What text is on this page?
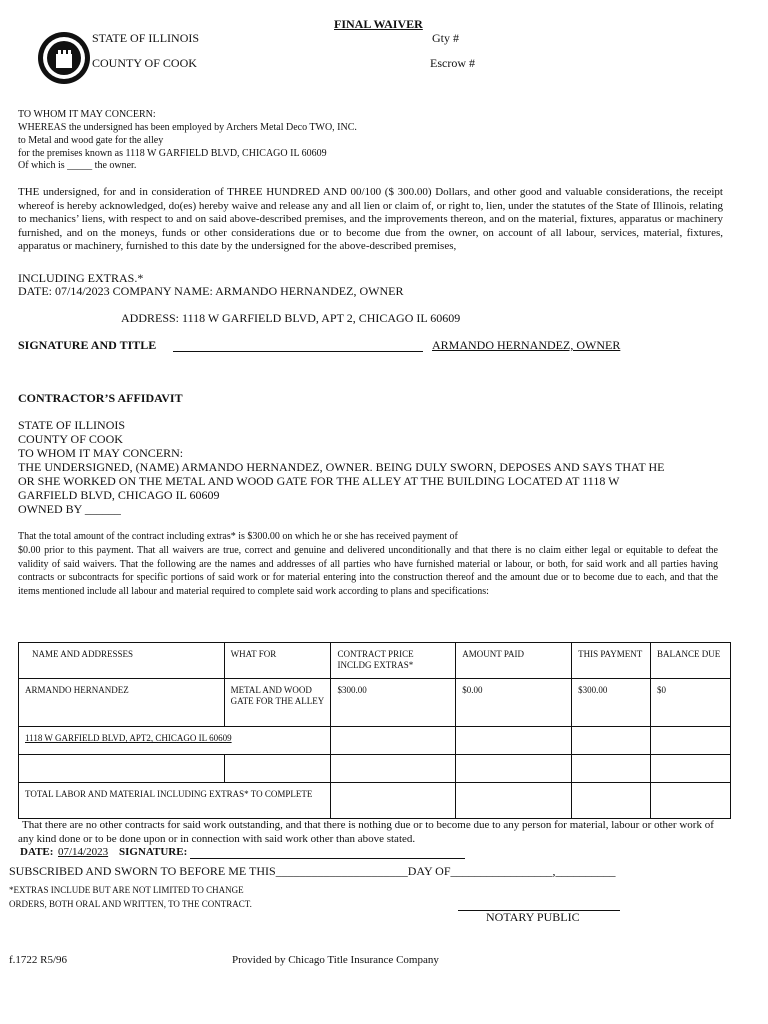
FINAL WAIVER
STATE OF ILLINOIS
COUNTY OF COOK
Gty #
Escrow #
TO WHOM IT MAY CONCERN:
WHEREAS the undersigned has been employed by Archers Metal Deco TWO, INC.
to Metal and wood gate for the alley
for the premises known as 1118 W GARFIELD BLVD, CHICAGO IL 60609
Of which is _____ the owner.
THE undersigned, for and in consideration of THREE HUNDRED AND 00/100 ($ 300.00) Dollars, and other good and valuable considerations, the receipt whereof is hereby acknowledged, do(es) hereby waive and release any and all lien or claim of, or right to, lien, under the statutes of the State of Illinois, relating to mechanics’ liens, with respect to and on said above-described premises, and the improvements thereon, and on the material, fixtures, apparatus or machinery furnished, and on the moneys, funds or other considerations due or to become due from the owner, on account of all labour, services, material, fixtures, apparatus or machinery, furnished to this date by the undersigned for the above-described premises,
INCLUDING EXTRAS.*
DATE: 07/14/2023 COMPANY NAME: ARMANDO HERNANDEZ, OWNER
ADDRESS: 1118 W GARFIELD BLVD, APT 2, CHICAGO IL 60609
SIGNATURE AND TITLE	ARMANDO HERNANDEZ, OWNER
CONTRACTOR’S AFFIDAVIT
STATE OF ILLINOIS
COUNTY OF COOK
TO WHOM IT MAY CONCERN:
THE UNDERSIGNED, (NAME) ARMANDO HERNANDEZ, OWNER. BEING DULY SWORN, DEPOSES AND SAYS THAT HE
OR SHE WORKED ON THE METAL AND WOOD GATE FOR THE ALLEY AT THE BUILDING LOCATED AT 1118 W
GARFIELD BLVD, CHICAGO IL 60609
OWNED BY ______
That the total amount of the contract including extras* is $300.00 on which he or she has received payment of
$0.00 prior to this payment. That all waivers are true, correct and genuine and delivered unconditionally and that there is no claim either legal or equitable to defeat the validity of said waivers. That the following are the names and addresses of all parties who have furnished material or labour, or both, for said work and all parties having contracts or subcontracts for specific portions of said work or for material entering into the construction thereof and the amount due or to become due to each, and that the items mentioned include all labour and material required to complete said work according to plans and specifications:
NAME AND ADDRESSES	WHAT FOR	CONTRACT PRICE INCLDG EXTRAS*	AMOUNT PAID	THIS PAYMENT	BALANCE DUE
ARMANDO HERNANDEZ	METAL AND WOOD GATE FOR THE ALLEY	$300.00	$0.00	$300.00	$0
1118 W GARFIELD BLVD, APT2, CHICAGO IL 60609					

TOTAL LABOR AND MATERIAL INCLUDING EXTRAS* TO COMPLETE					
That there are no other contracts for said work outstanding, and that there is nothing due or to become due to any person for material, labour or other work of any kind done or to be done upon or in connection with said work other than above stated.
DATE: 07/14/2023 SIGNATURE:
SUBSCRIBED AND SWORN TO BEFORE ME THIS______________________DAY OF_________________,__________
*EXTRAS INCLUDE BUT ARE NOT LIMITED TO CHANGE
ORDERS, BOTH ORAL AND WRITTEN, TO THE CONTRACT.
NOTARY PUBLIC
f.1722 R5/96	Provided by Chicago Title Insurance Company
